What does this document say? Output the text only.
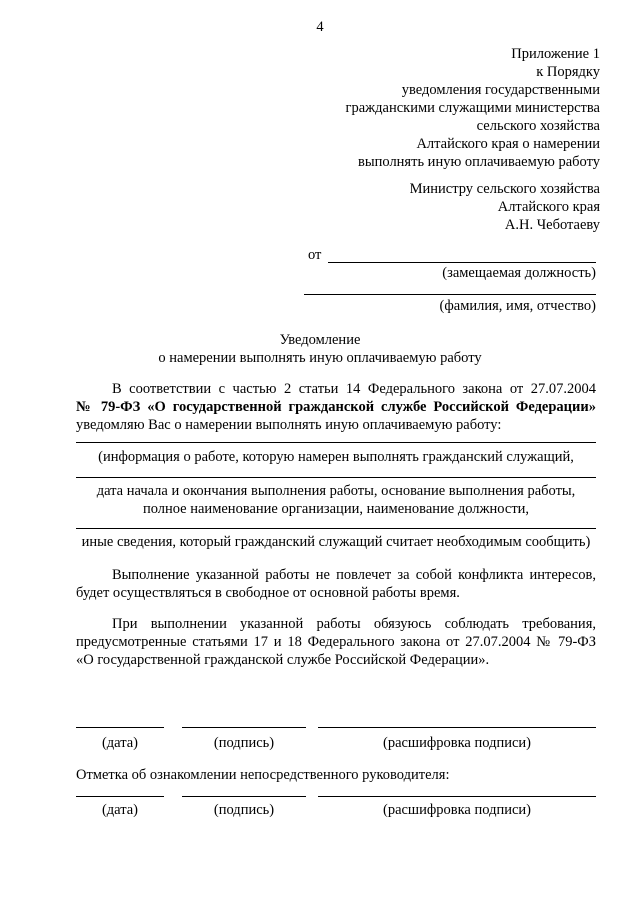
4
Приложение 1
к Порядку
уведомления государственными
гражданскими служащими министерства
сельского хозяйства
Алтайского края о намерении
выполнять иную оплачиваемую работу
Министру сельского хозяйства
Алтайского края
А.Н. Чеботаеву
от
(замещаемая должность)
(фамилия, имя, отчество)
Уведомление
о намерении выполнять иную оплачиваемую работу
В соответствии с частью 2 статьи 14 Федерального закона от 27.07.2004
№ 79-ФЗ «О государственной гражданской службе Российской Федерации»
уведомляю Вас о намерении выполнять иную оплачиваемую работу:
(информация о работе, которую намерен выполнять гражданский служащий,
дата начала и окончания выполнения работы, основание выполнения работы,
полное наименование организации, наименование должности,
иные сведения, который гражданский служащий считает необходимым сообщить)
Выполнение указанной работы не повлечет за собой конфликта интересов,
будет осуществляться в свободное от основной работы время.
При выполнении указанной работы обязуюсь соблюдать требования,
предусмотренные статьями 17 и 18 Федерального закона от 27.07.2004 № 79-ФЗ
«О государственной гражданской службе Российской Федерации».
(дата)	(подпись)	(расшифровка подписи)
Отметка об ознакомлении непосредственного руководителя:
(дата)	(подпись)	(расшифровка подписи)
